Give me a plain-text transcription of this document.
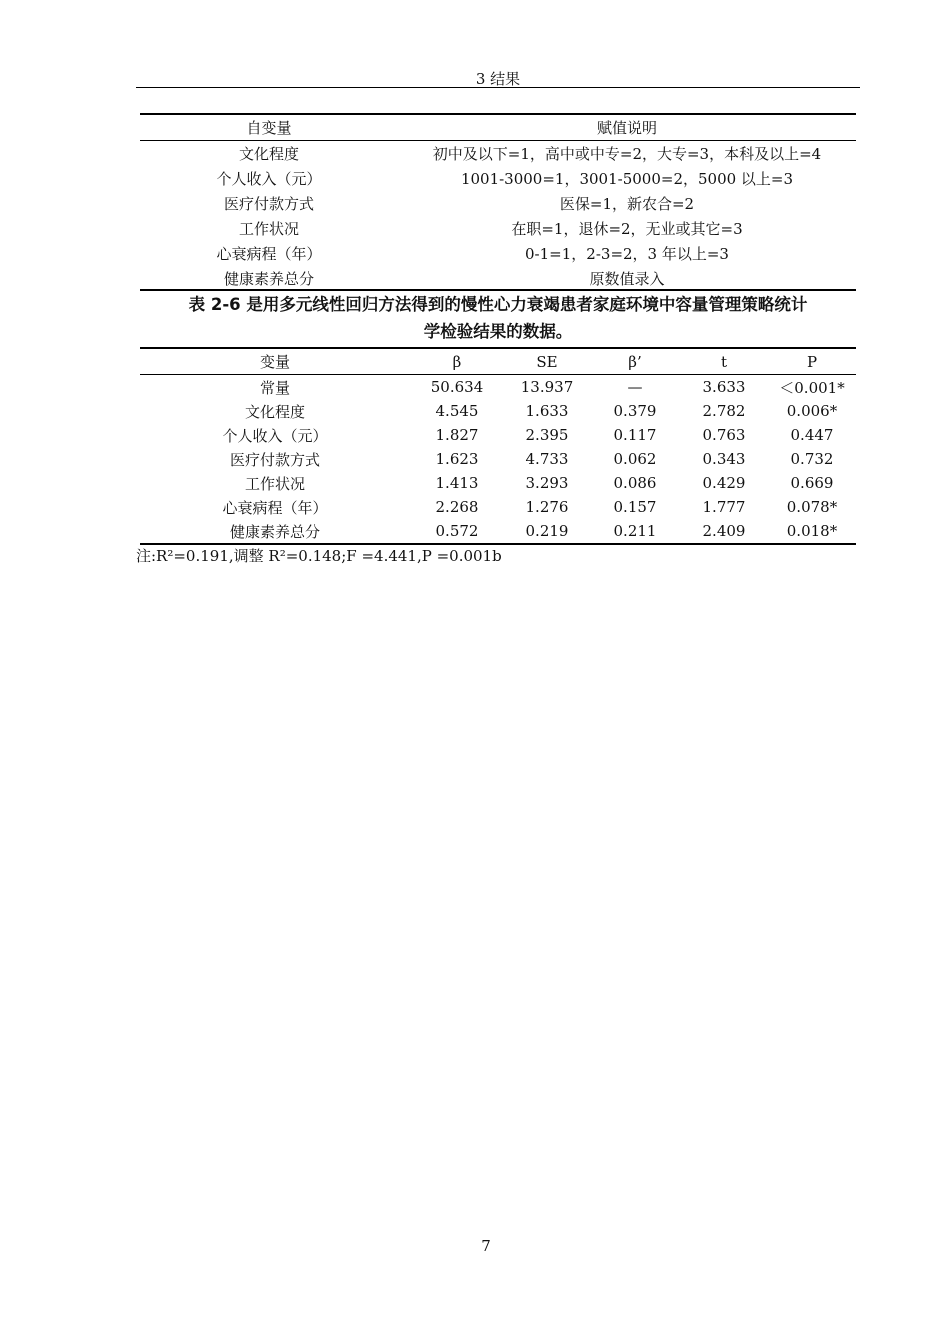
3 结果
自变量	赋值说明
文化程度	初中及以下=1，高中或中专=2，大专=3，本科及以上=4
个人收入（元）	1001-3000=1，3001-5000=2，5000 以上=3
医疗付款方式	医保=1，新农合=2
工作状况	在职=1，退休=2，无业或其它=3
心衰病程（年）	0-1=1，2-3=2，3 年以上=3
健康素养总分	原数值录入
表 2-6 是用多元线性回归方法得到的慢性心力衰竭患者家庭环境中容量管理策略统计
学检验结果的数据。
变量	β	SE	β’	t	P
常量	50.634	13.937	—	3.633	＜0.001*
文化程度	4.545	1.633	0.379	2.782	0.006*
个人收入（元）	1.827	2.395	0.117	0.763	0.447
医疗付款方式	1.623	4.733	0.062	0.343	0.732
工作状况	1.413	3.293	0.086	0.429	0.669
心衰病程（年）	2.268	1.276	0.157	1.777	0.078*
健康素养总分	0.572	0.219	0.211	2.409	0.018*
注:R²=0.191,调整 R²=0.148;F =4.441,P =0.001b
7
